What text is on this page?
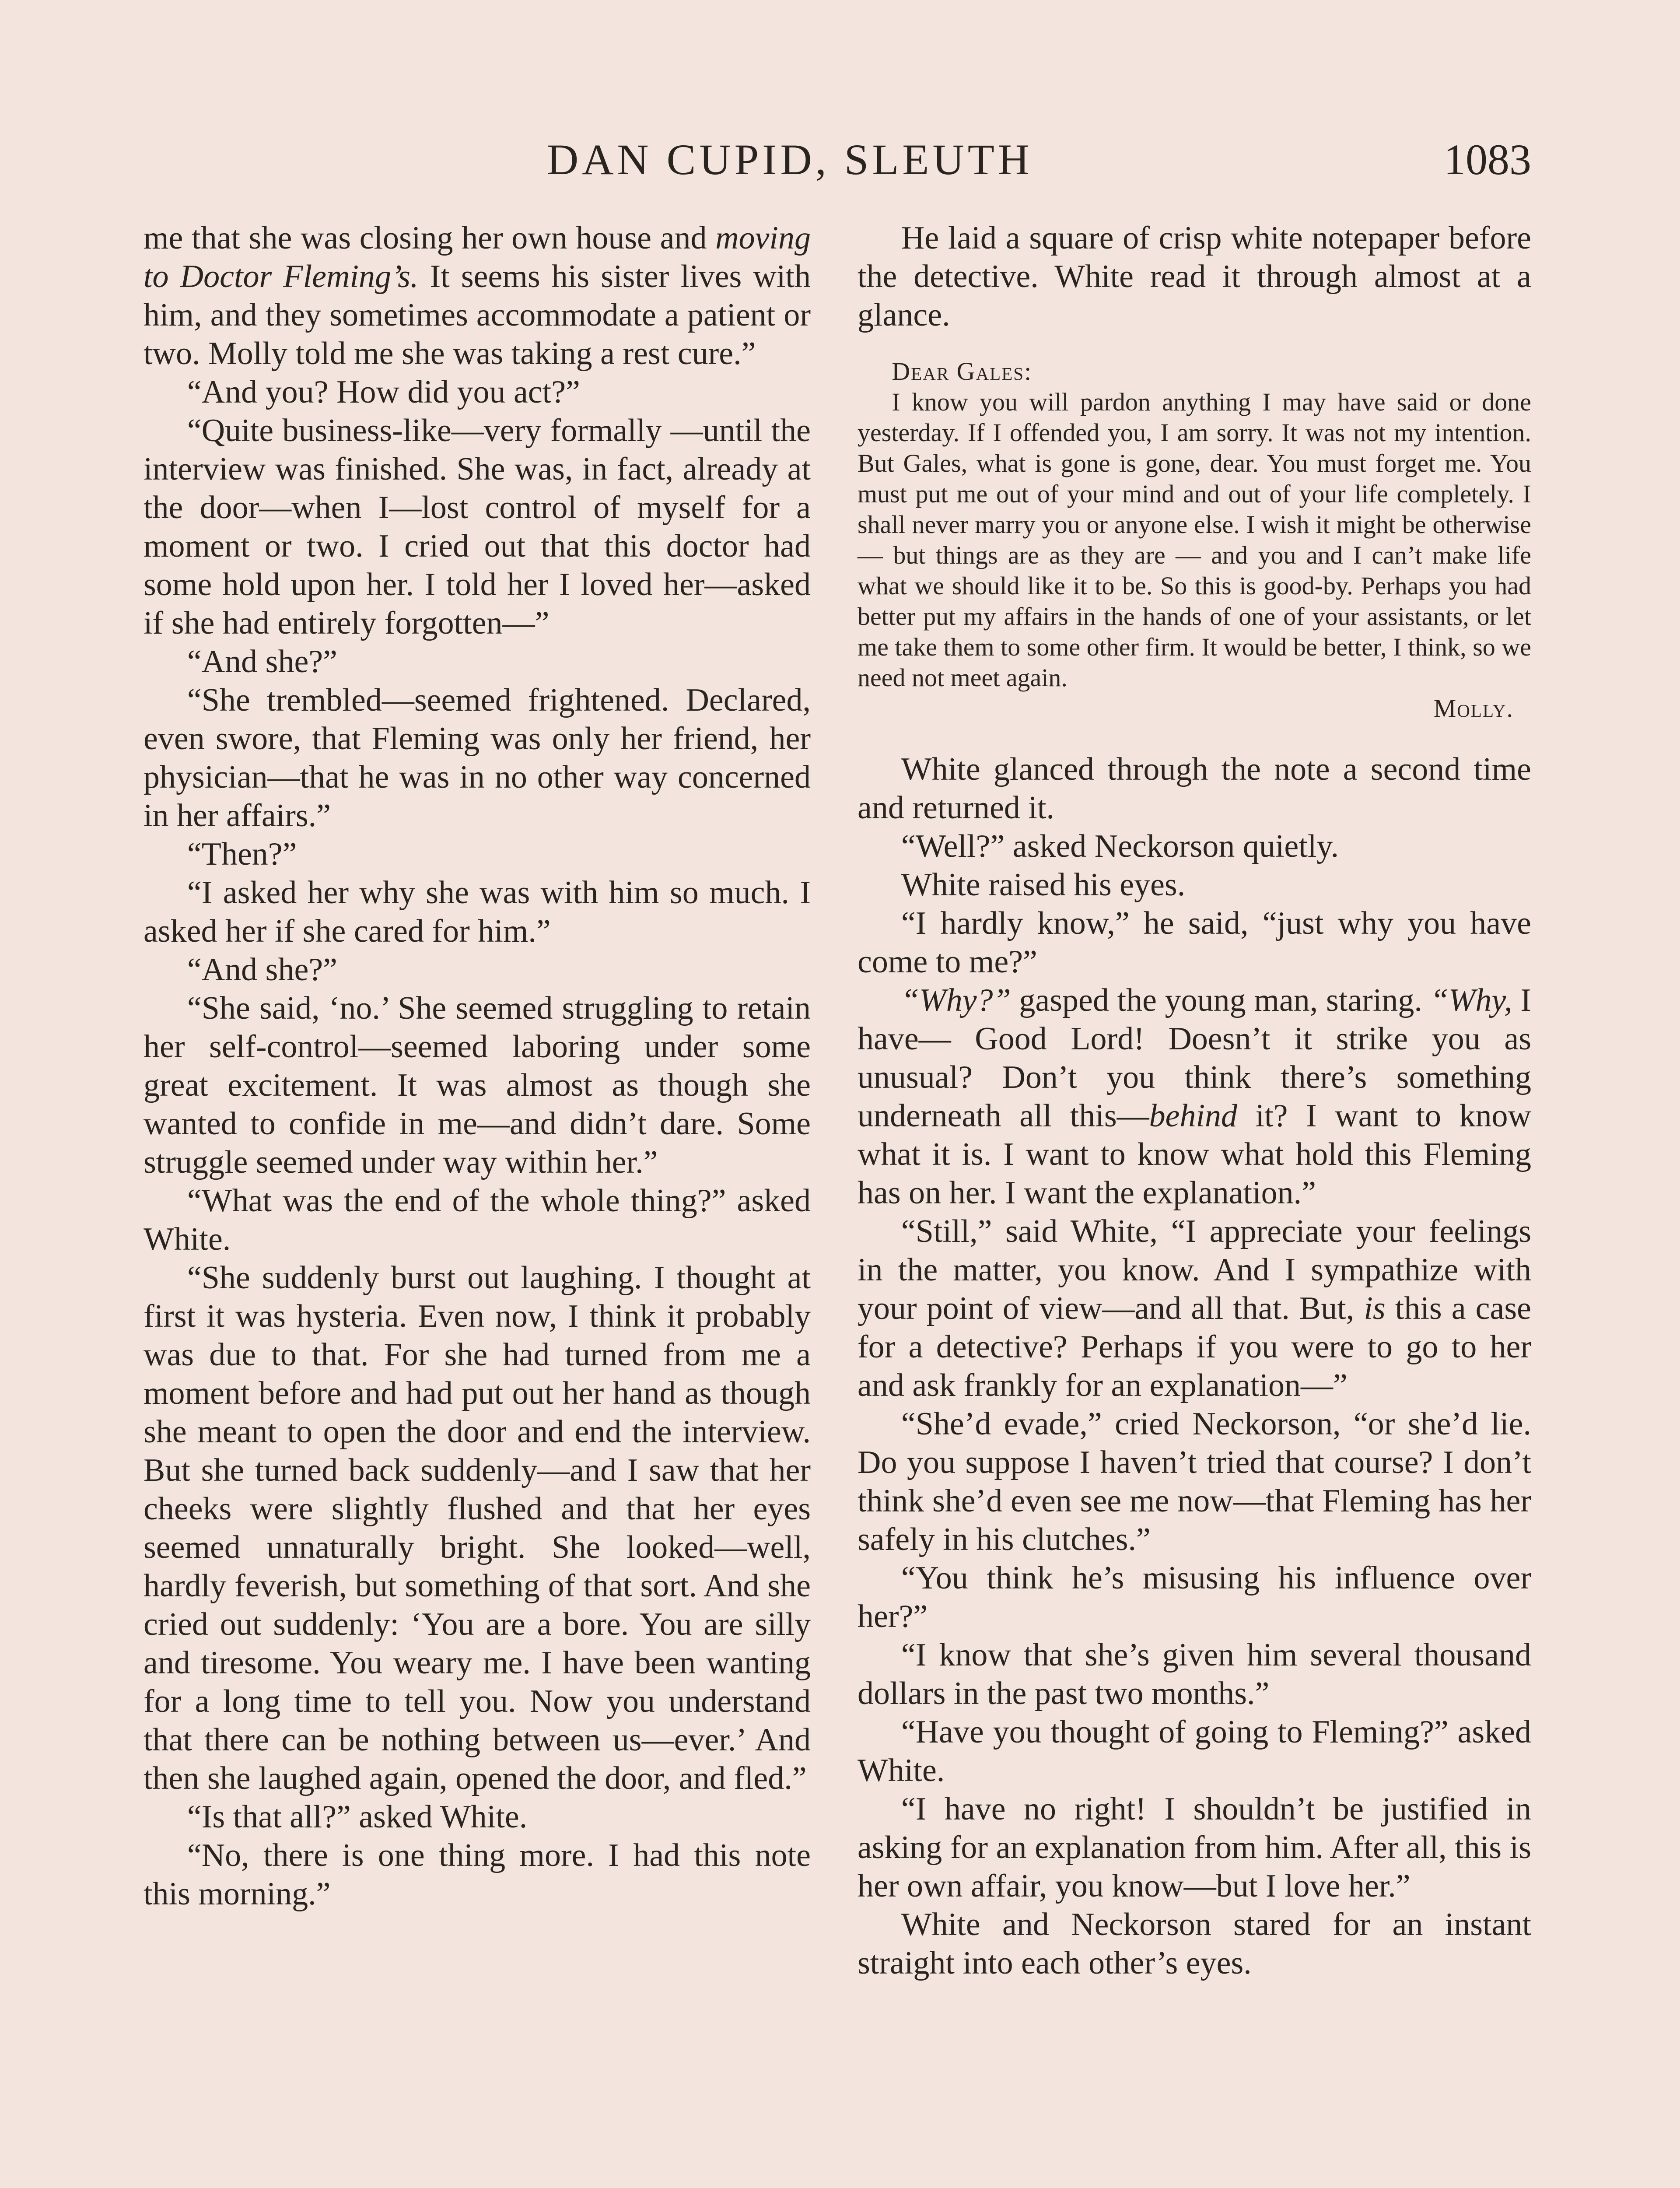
DAN CUPID, SLEUTH	1083

me that she was closing her own house and moving to Doctor Fleming’s. It seems his sister lives with him, and they sometimes accommodate a patient or two. Molly told me she was taking a rest cure.”

“And you? How did you act?”

“Quite business-like—very formally —until the interview was finished. She was, in fact, already at the door—when I—lost control of myself for a moment or two. I cried out that this doctor had some hold upon her. I told her I loved her—asked if she had entirely forgotten—”

“And she?”

“She trembled—seemed frightened. Declared, even swore, that Fleming was only her friend, her physician—that he was in no other way concerned in her affairs.”

“Then?”

“I asked her why she was with him so much. I asked her if she cared for him.”

“And she?”

“She said, ‘no.’ She seemed struggling to retain her self-control—seemed laboring under some great excitement. It was almost as though she wanted to confide in me—and didn’t dare. Some struggle seemed under way within her.”

“What was the end of the whole thing?” asked White.

“She suddenly burst out laughing. I thought at first it was hysteria. Even now, I think it probably was due to that. For she had turned from me a moment before and had put out her hand as though she meant to open the door and end the interview. But she turned back suddenly—and I saw that her cheeks were slightly flushed and that her eyes seemed unnaturally bright. She looked—well, hardly feverish, but something of that sort. And she cried out suddenly: ‘You are a bore. You are silly and tiresome. You weary me. I have been wanting for a long time to tell you. Now you understand that there can be nothing between us—ever.’ And then she laughed again, opened the door, and fled.”

“Is that all?” asked White.

“No, there is one thing more. I had this note this morning.”

He laid a square of crisp white notepaper before the detective. White read it through almost at a glance.

Dear Gales:

I know you will pardon anything I may have said or done yesterday. If I offended you, I am sorry. It was not my intention. But Gales, what is gone is gone, dear. You must forget me. You must put me out of your mind and out of your life completely. I shall never marry you or anyone else. I wish it might be otherwise — but things are as they are — and you and I can’t make life what we should like it to be. So this is good-by. Perhaps you had better put my affairs in the hands of one of your assistants, or let me take them to some other firm. It would be better, I think, so we need not meet again.

Molly.

White glanced through the note a second time and returned it.

“Well?” asked Neckorson quietly.

White raised his eyes.

“I hardly know,” he said, “just why you have come to me?”

“Why?” gasped the young man, staring. “Why, I have— Good Lord! Doesn’t it strike you as unusual? Don’t you think there’s something underneath all this—behind it? I want to know what it is. I want to know what hold this Fleming has on her. I want the explanation.”

“Still,” said White, “I appreciate your feelings in the matter, you know. And I sympathize with your point of view—and all that. But, is this a case for a detective? Perhaps if you were to go to her and ask frankly for an explanation—”

“She’d evade,” cried Neckorson, “or she’d lie. Do you suppose I haven’t tried that course? I don’t think she’d even see me now—that Fleming has her safely in his clutches.”

“You think he’s misusing his influence over her?”

“I know that she’s given him several thousand dollars in the past two months.”

“Have you thought of going to Fleming?” asked White.

“I have no right! I shouldn’t be justified in asking for an explanation from him. After all, this is her own affair, you know—but I love her.”

White and Neckorson stared for an instant straight into each other’s eyes.
